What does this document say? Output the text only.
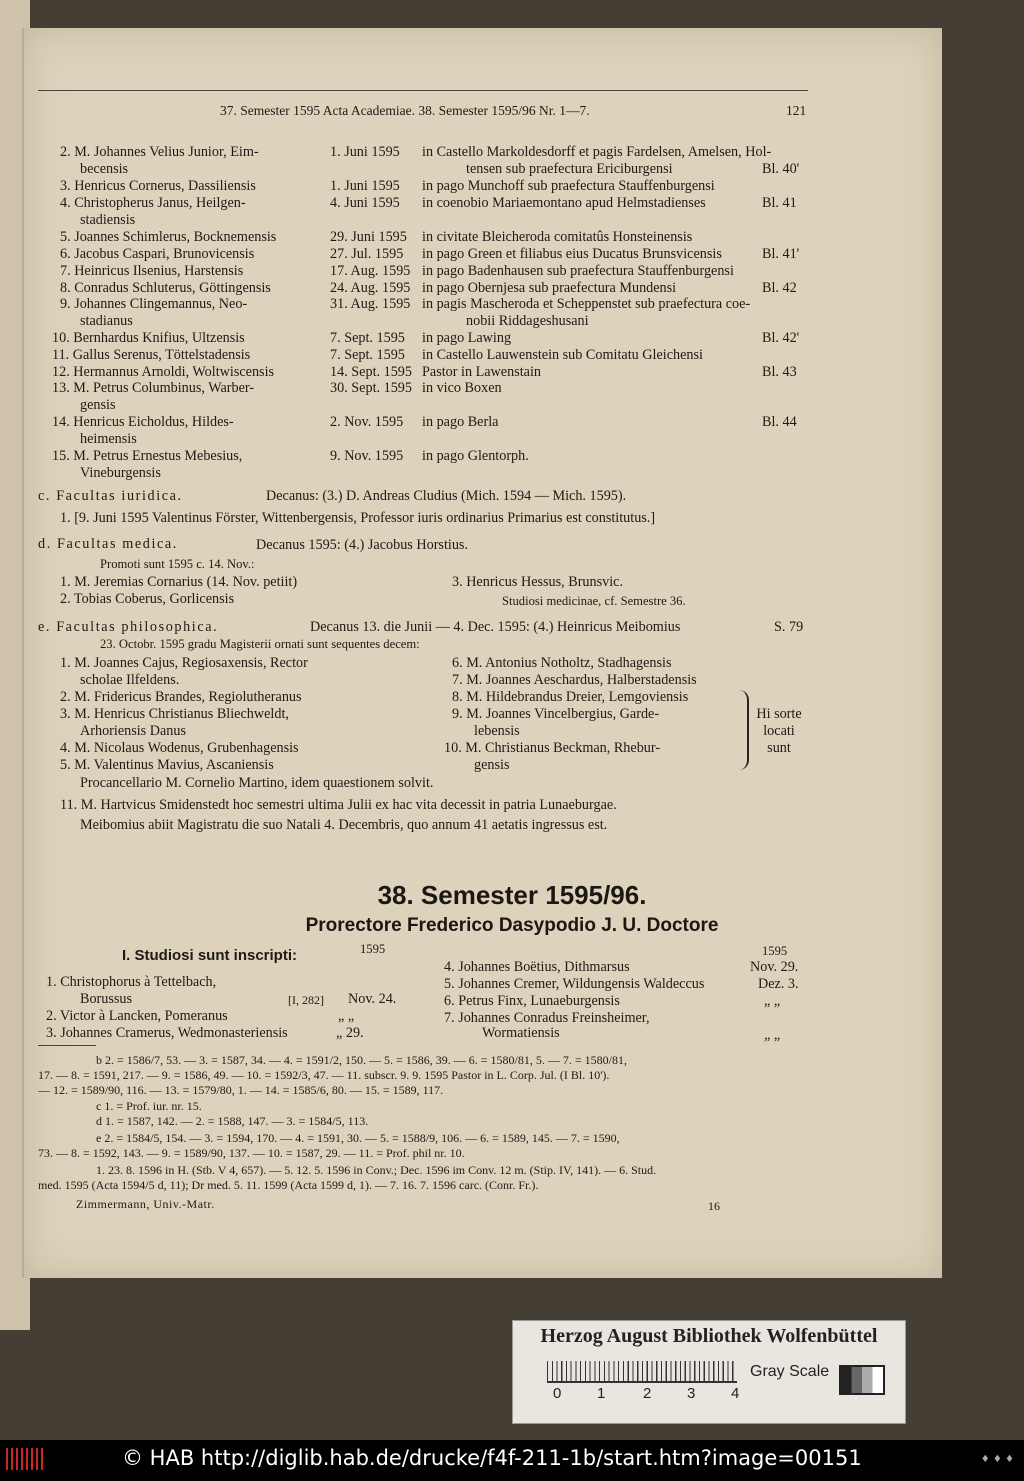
37. Semester 1595 Acta Academiae. 38. Semester 1595/96 Nr. 1—7.	121
2. M. Johannes Velius Junior, Eim-	1. Juni 1595 in Castello Markoldesdorff et pagis Fardelsen, Amelsen, Hol-
becensis	tensen sub praefectura Ericiburgensi	Bl. 40'
3. Henricus Cornerus, Dassiliensis	1. Juni 1595 in pago Munchoff sub praefectura Stauffenburgensi
4. Christopherus Janus, Heilgen-	4. Juni 1595 in coenobio Mariaemontano apud Helmstadienses	Bl. 41
stadiensis
5. Joannes Schimlerus, Bocknemensis	29. Juni 1595 in civitate Bleicheroda comitatûs Honsteinensis
6. Jacobus Caspari, Brunovicensis	27. Jul. 1595 in pago Green et filiabus eius Ducatus Brunsvicensis	Bl. 41'
7. Heinricus Ilsenius, Harstensis	17. Aug. 1595 in pago Badenhausen sub praefectura Stauffenburgensi
8. Conradus Schluterus, Göttingensis	24. Aug. 1595 in pago Obernjesa sub praefectura Mundensi	Bl. 42
9. Johannes Clingemannus, Neo-	31. Aug. 1595 in pagis Mascheroda et Scheppenstet sub praefectura coe-
stadianus	nobii Riddageshusani
10. Bernhardus Knifius, Ultzensis	7. Sept. 1595 in pago Lawing	Bl. 42'
11. Gallus Serenus, Töttelstadensis	7. Sept. 1595 in Castello Lauwenstein sub Comitatu Gleichensi
12. Hermannus Arnoldi, Woltwiscensis	14. Sept. 1595 Pastor in Lawenstain	Bl. 43
13. M. Petrus Columbinus, Warber-	30. Sept. 1595 in vico Boxen
gensis
14. Henricus Eicholdus, Hildes-	2. Nov. 1595 in pago Berla	Bl. 44
heimensis
15. M. Petrus Ernestus Mebesius,	9. Nov. 1595 in pago Glentorph.
Vineburgensis
c. Facultas iuridica.	Decanus: (3.) D. Andreas Cludius (Mich. 1594 — Mich. 1595).
1. [9. Juni 1595 Valentinus Förster, Wittenbergensis, Professor iuris ordinarius Primarius est constitutus.]
d. Facultas medica.	Decanus 1595: (4.) Jacobus Horstius.
Promoti sunt 1595 c. 14. Nov.:
1. M. Jeremias Cornarius (14. Nov. petiit)
2. Tobias Coberus, Gorlicensis
3. Henricus Hessus, Brunsvic.
Studiosi medicinae, cf. Semestre 36.
e. Facultas philosophica.	Decanus 13. die Junii — 4. Dec. 1595: (4.) Heinricus Meibomius	S. 79
23. Octobr. 1595 gradu Magisterii ornati sunt sequentes decem:
1. M. Joannes Cajus, Regiosaxensis, Rector
scholae Ilfeldens.
2. M. Fridericus Brandes, Regiolutheranus
3. M. Henricus Christianus Bliechweldt,
Arhoriensis Danus
4. M. Nicolaus Wodenus, Grubenhagensis
5. M. Valentinus Mavius, Ascaniensis
6. M. Antonius Notholtz, Stadhagensis
7. M. Joannes Aeschardus, Halberstadensis
8. M. Hildebrandus Dreier, Lemgoviensis
9. M. Joannes Vincelbergius, Garde-
lebensis
10. M. Christianus Beckman, Rhebur-
gensis
Hi sorte
locati
sunt
Procancellario M. Cornelio Martino, idem quaestionem solvit.
11. M. Hartvicus Smidenstedt hoc semestri ultima Julii ex hac vita decessit in patria Lunaeburgae.
Meibomius abiit Magistratu die suo Natali 4. Decembris, quo annum 41 aetatis ingressus est.
38. Semester 1595/96.
Prorectore Frederico Dasypodio J. U. Doctore
I. Studiosi sunt inscripti:	1595	1595
1. Christophorus à Tettelbach,
Borussus	[I, 282] Nov. 24.
2. Victor à Lancken, Pomeranus	„ „
3. Johannes Cramerus, Wedmonasteriensis	„ 29.
4. Johannes Boëtius, Dithmarsus	Nov. 29.
5. Johannes Cremer, Wildungensis Waldeccus	Dez. 3.
6. Petrus Finx, Lunaeburgensis	„ „
7. Johannes Conradus Freinsheimer,
Wormatiensis	„ „
b 2. = 1586/7, 53. — 3. = 1587, 34. — 4. = 1591/2, 150. — 5. = 1586, 39. — 6. = 1580/81, 5. — 7. = 1580/81,
17. — 8. = 1591, 217. — 9. = 1586, 49. — 10. = 1592/3, 47. — 11. subscr. 9. 9. 1595 Pastor in L. Corp. Jul. (I Bl. 10').
— 12. = 1589/90, 116. — 13. = 1579/80, 1. — 14. = 1585/6, 80. — 15. = 1589, 117.
c 1. = Prof. iur. nr. 15.
d 1. = 1587, 142. — 2. = 1588, 147. — 3. = 1584/5, 113.
e 2. = 1584/5, 154. — 3. = 1594, 170. — 4. = 1591, 30. — 5. = 1588/9, 106. — 6. = 1589, 145. — 7. = 1590,
73. — 8. = 1592, 143. — 9. = 1589/90, 137. — 10. = 1587, 29. — 11. = Prof. phil nr. 10.
1. 23. 8. 1596 in H. (Stb. V 4, 657). — 5. 12. 5. 1596 in Conv.; Dec. 1596 im Conv. 12 m. (Stip. IV, 141). — 6. Stud.
med. 1595 (Acta 1594/5 d, 11); Dr med. 5. 11. 1599 (Acta 1599 d, 1). — 7. 16. 7. 1596 carc. (Conr. Fr.).
Zimmermann, Univ.-Matr.	16
Herzog August Bibliothek Wolfenbüttel
0 1	2 3 4
Gray Scale
© HAB http://diglib.hab.de/drucke/f4f-211-1b/start.htm?image=00151	♦ ♦ ♦
